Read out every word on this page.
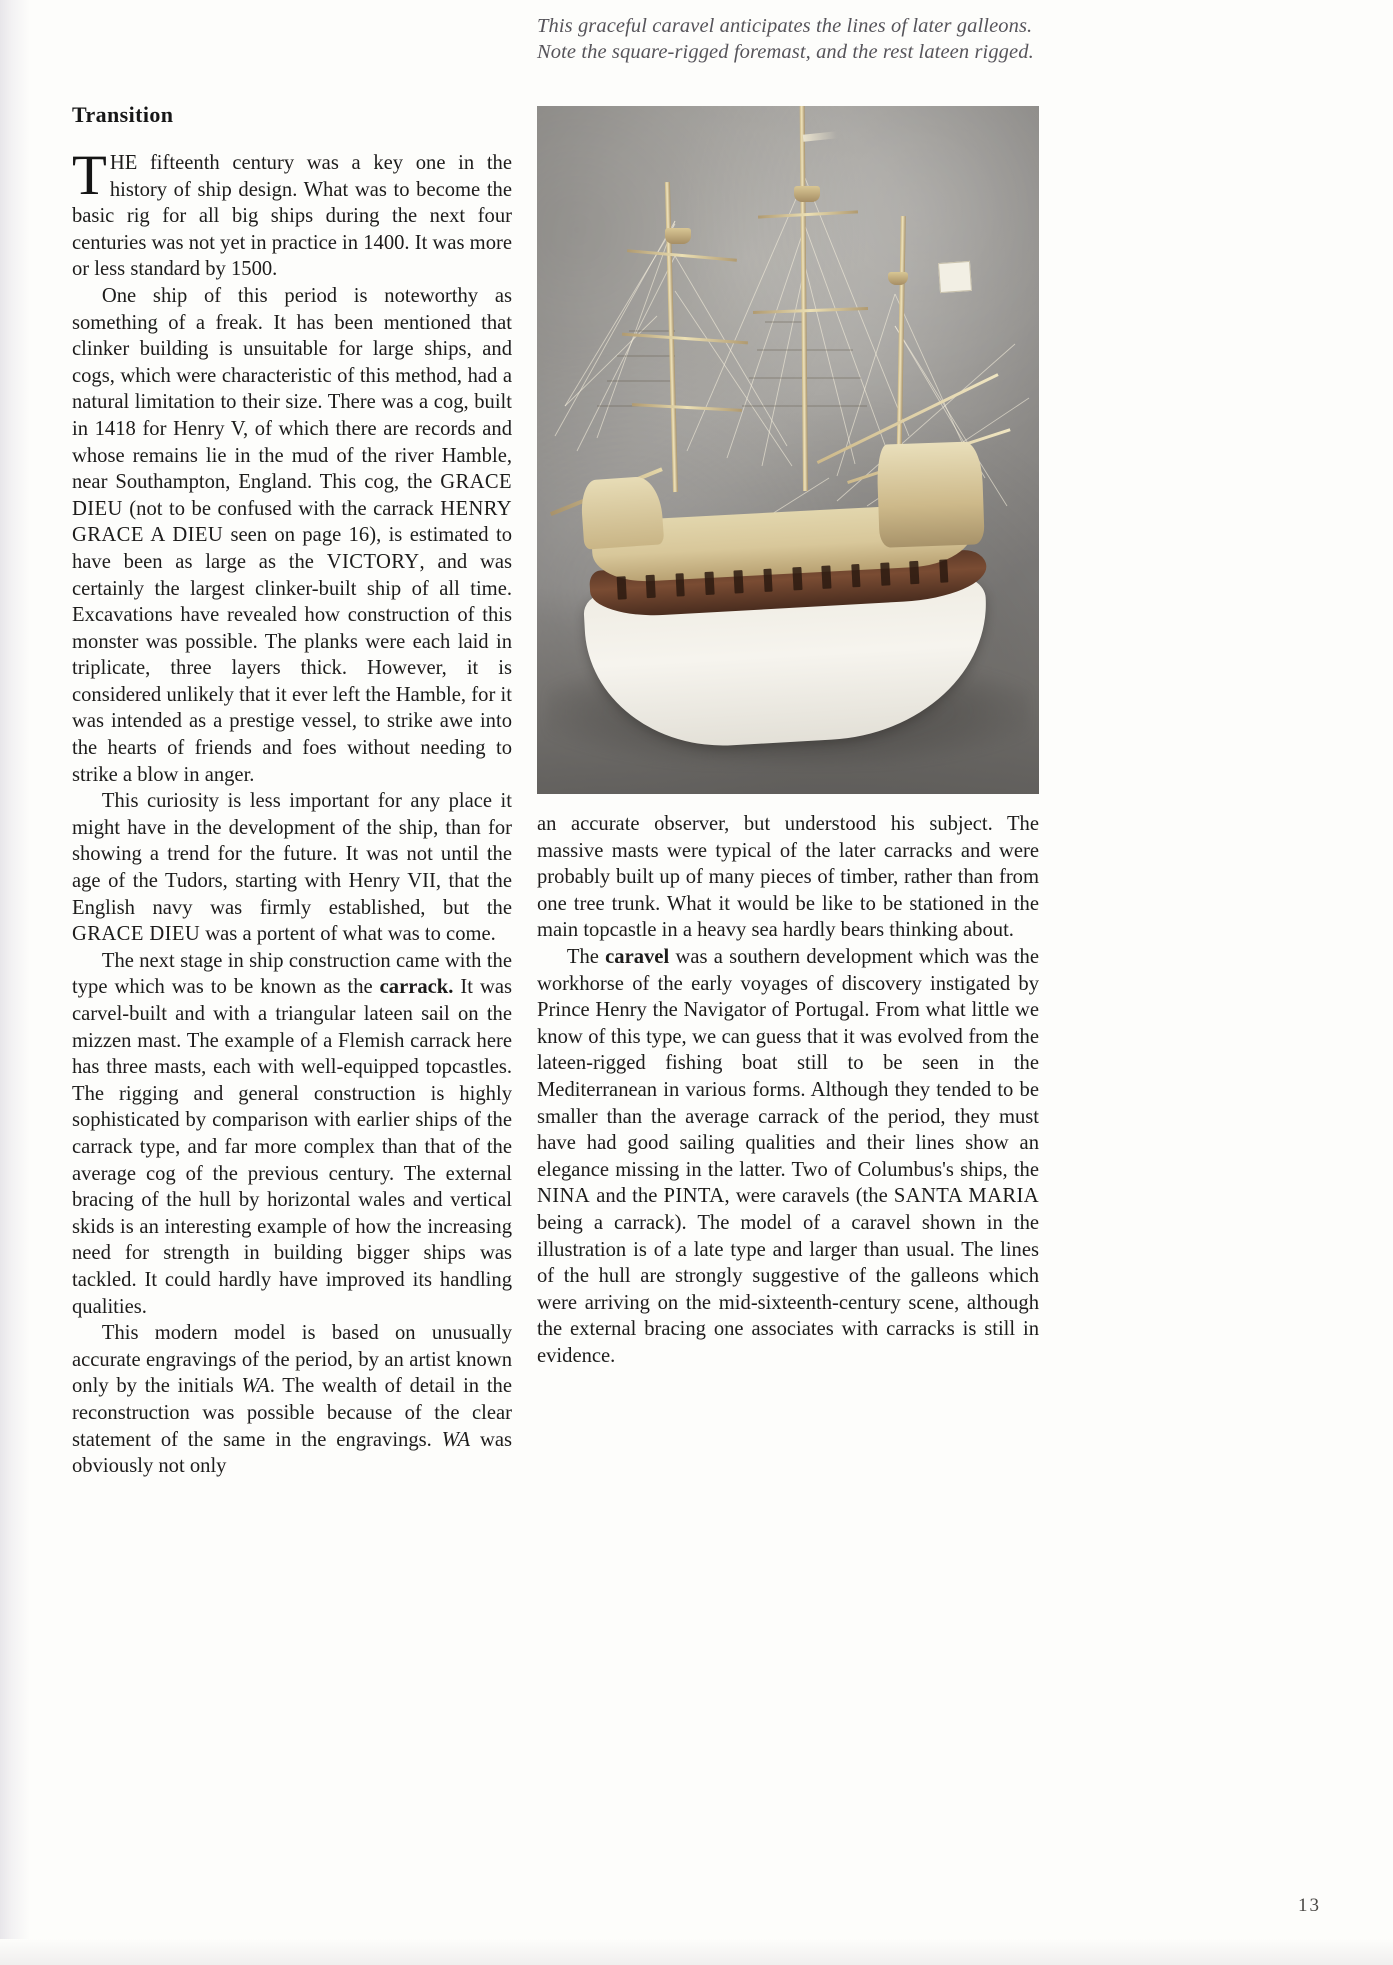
This graceful caravel anticipates the lines of later galleons. Note the square-rigged foremast, and the rest lateen rigged.
Transition

THE fifteenth century was a key one in the history of ship design. What was to become the basic rig for all big ships during the next four centuries was not yet in practice in 1400. It was more or less standard by 1500.

One ship of this period is noteworthy as something of a freak. It has been mentioned that clinker building is unsuitable for large ships, and cogs, which were characteristic of this method, had a natural limitation to their size. There was a cog, built in 1418 for Henry V, of which there are records and whose remains lie in the mud of the river Hamble, near Southampton, England. This cog, the GRACE DIEU (not to be confused with the carrack HENRY GRACE A DIEU seen on page 16), is estimated to have been as large as the VICTORY, and was certainly the largest clinker-built ship of all time. Excavations have revealed how construction of this monster was possible. The planks were each laid in triplicate, three layers thick. However, it is considered unlikely that it ever left the Hamble, for it was intended as a prestige vessel, to strike awe into the hearts of friends and foes without needing to strike a blow in anger.

This curiosity is less important for any place it might have in the development of the ship, than for showing a trend for the future. It was not until the age of the Tudors, starting with Henry VII, that the English navy was firmly established, but the GRACE DIEU was a portent of what was to come.

The next stage in ship construction came with the type which was to be known as the carrack. It was carvel-built and with a triangular lateen sail on the mizzen mast. The example of a Flemish carrack here has three masts, each with well-equipped topcastles. The rigging and general construction is highly sophisticated by comparison with earlier ships of the carrack type, and far more complex than that of the average cog of the previous century. The external bracing of the hull by horizontal wales and vertical skids is an interesting example of how the increasing need for strength in building bigger ships was tackled. It could hardly have improved its handling qualities.

This modern model is based on unusually accurate engravings of the period, by an artist known only by the initials WA. The wealth of detail in the reconstruction was possible because of the clear statement of the same in the engravings. WA was obviously not only

an accurate observer, but understood his subject. The massive masts were typical of the later carracks and were probably built up of many pieces of timber, rather than from one tree trunk. What it would be like to be stationed in the main topcastle in a heavy sea hardly bears thinking about.

The caravel was a southern development which was the workhorse of the early voyages of discovery instigated by Prince Henry the Navigator of Portugal. From what little we know of this type, we can guess that it was evolved from the lateen-rigged fishing boat still to be seen in the Mediterranean in various forms. Although they tended to be smaller than the average carrack of the period, they must have had good sailing qualities and their lines show an elegance missing in the latter. Two of Columbus's ships, the NINA and the PINTA, were caravels (the SANTA MARIA being a carrack). The model of a caravel shown in the illustration is of a late type and larger than usual. The lines of the hull are strongly suggestive of the galleons which were arriving on the mid-sixteenth-century scene, although the external bracing one associates with carracks is still in evidence.

13
